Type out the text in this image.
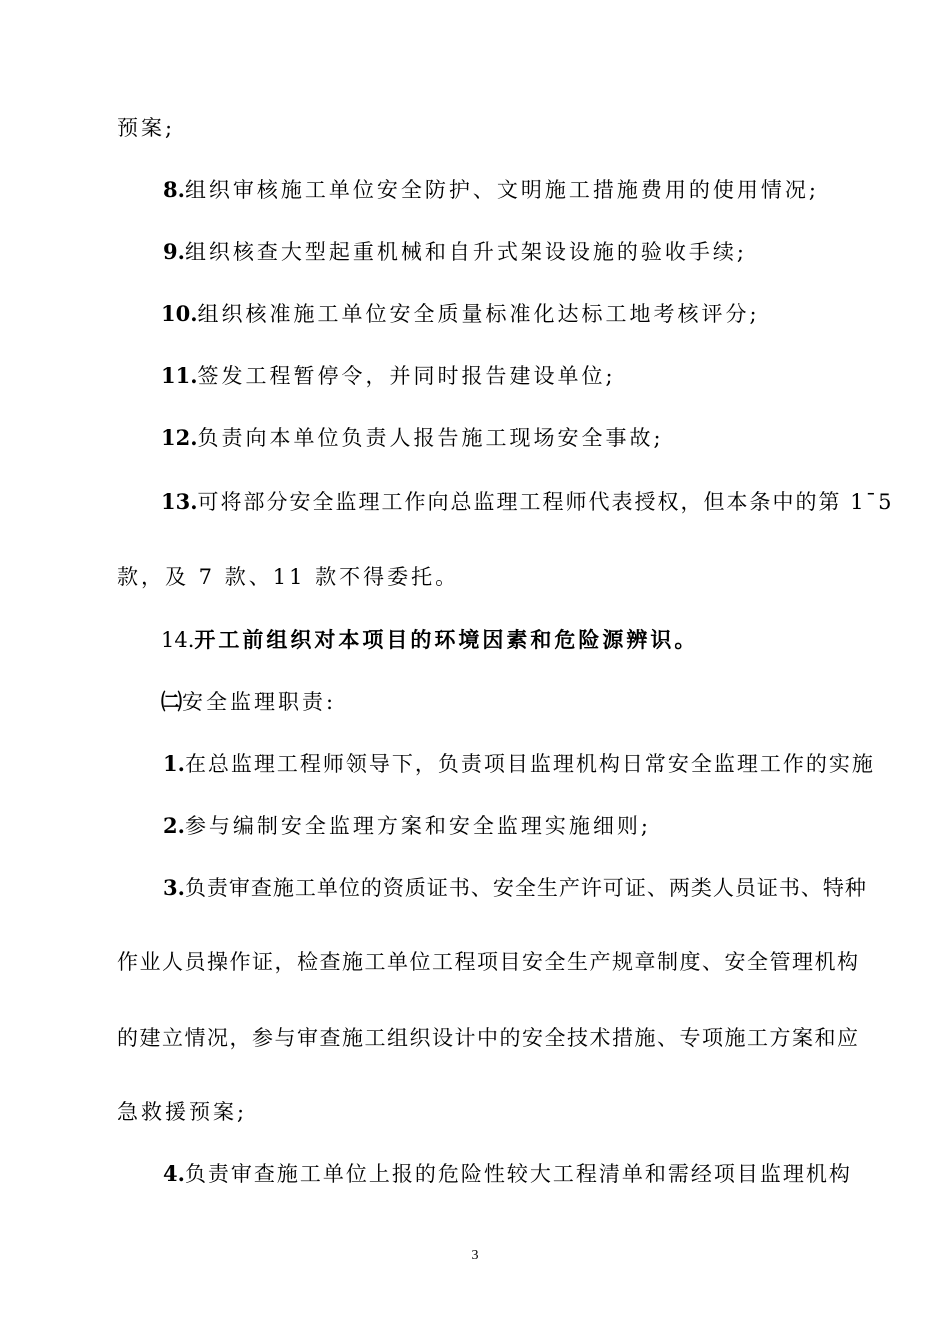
预案;
8.组织审核施工单位安全防护、文明施工措施费用的使用情况;
9.组织核查大型起重机械和自升式架设设施的验收手续;
10.组织核准施工单位安全质量标准化达标工地考核评分;
11.签发工程暂停令，并同时报告建设单位;
12.负责向本单位负责人报告施工现场安全事故;
13.可将部分安全监理工作向总监理工程师代表授权，但本条中的第 1¯5
款，及 7 款、11 款不得委托。
14.开工前组织对本项目的环境因素和危险源辨识。
㈡安全监理职责:
1.在总监理工程师领导下，负责项目监理机构日常安全监理工作的实施
2.参与编制安全监理方案和安全监理实施细则;
3.负责审查施工单位的资质证书、安全生产许可证、两类人员证书、特种
作业人员操作证，检查施工单位工程项目安全生产规章制度、安全管理机构
的建立情况，参与审查施工组织设计中的安全技术措施、专项施工方案和应
急救援预案;
4.负责审查施工单位上报的危险性较大工程清单和需经项目监理机构
3
